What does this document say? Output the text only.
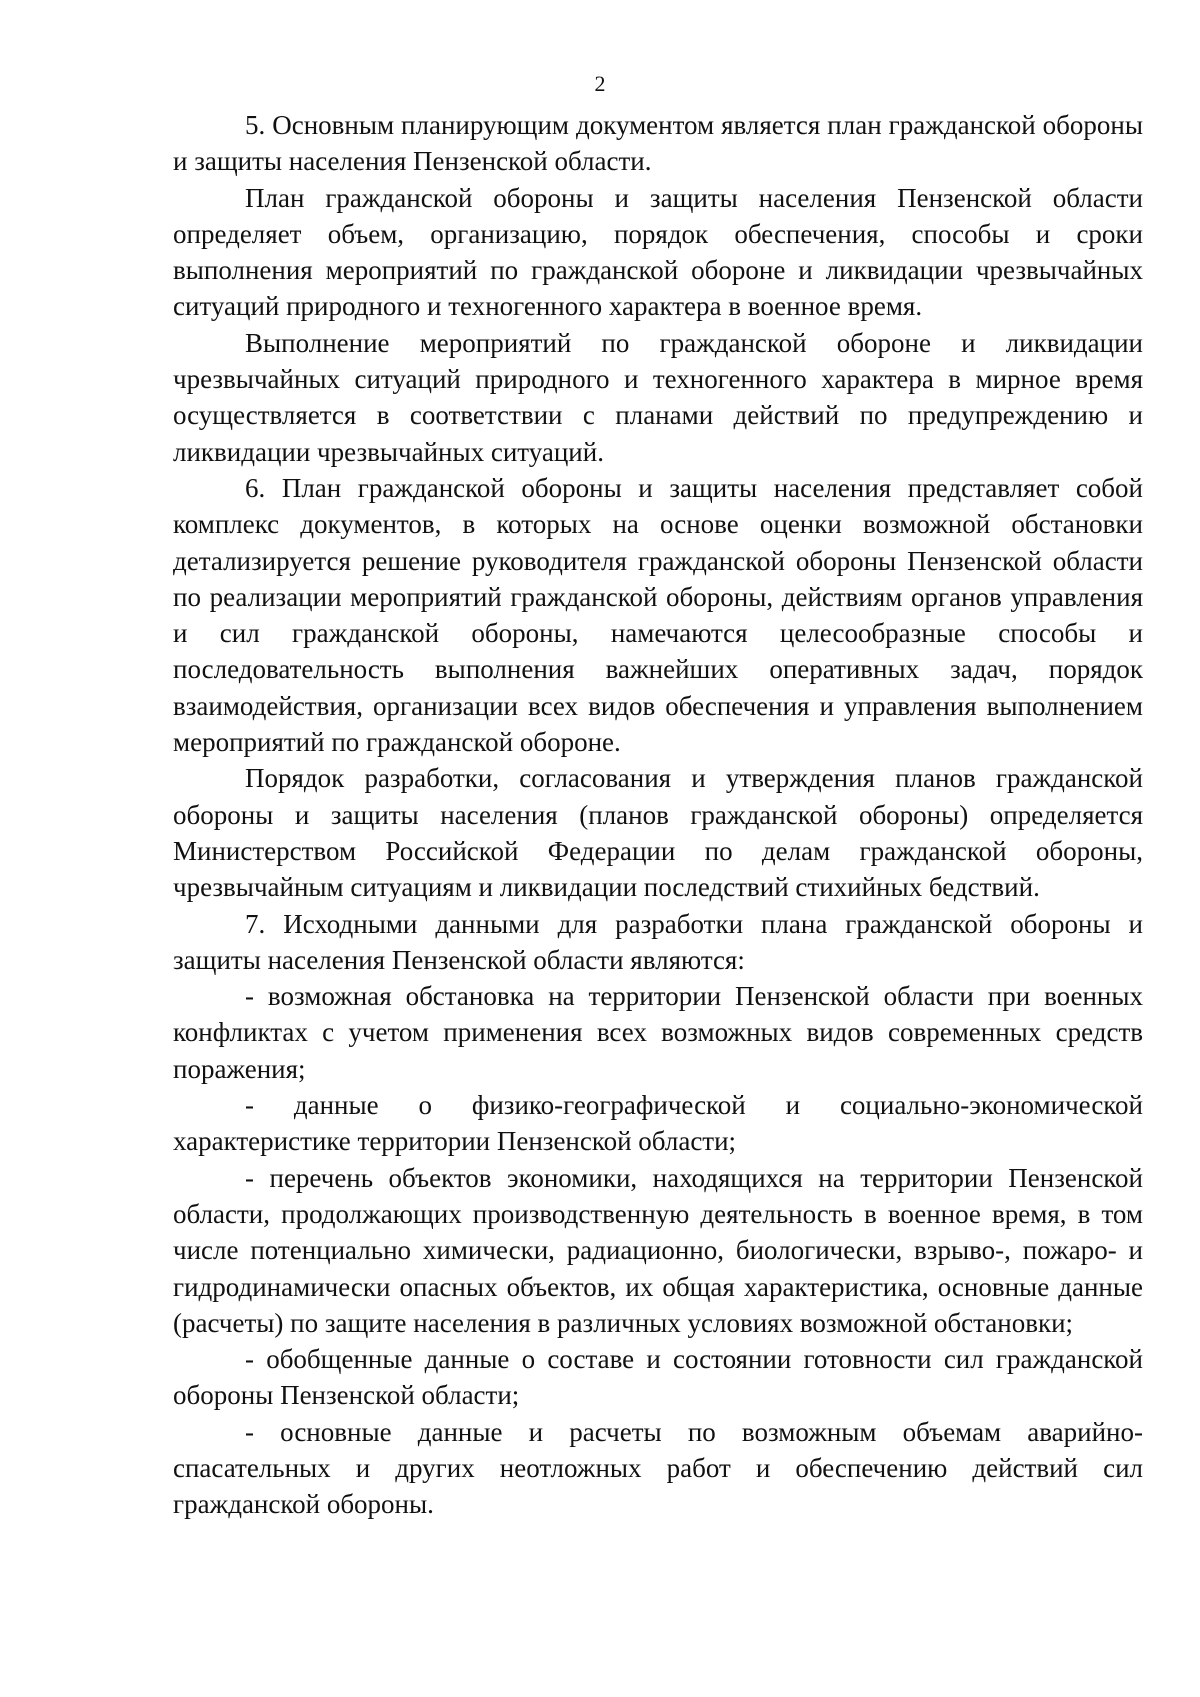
2

5. Основным планирующим документом является план гражданской обороны и защиты населения Пензенской области.

План гражданской обороны и защиты населения Пензенской области определяет объем, организацию, порядок обеспечения, способы и сроки выполнения мероприятий по гражданской обороне и ликвидации чрезвычайных ситуаций природного и техногенного характера в военное время.

Выполнение мероприятий по гражданской обороне и ликвидации чрезвычайных ситуаций природного и техногенного характера в мирное время осуществляется в соответствии с планами действий по предупреждению и ликвидации чрезвычайных ситуаций.

6. План гражданской обороны и защиты населения представляет собой комплекс документов, в которых на основе оценки возможной обстановки детализируется решение руководителя гражданской обороны Пензенской области по реализации мероприятий гражданской обороны, действиям органов управления и сил гражданской обороны, намечаются целесообразные способы и последовательность выполнения важнейших оперативных задач, порядок взаимодействия, организации всех видов обеспечения и управления выполнением мероприятий по гражданской обороне.

Порядок разработки, согласования и утверждения планов гражданской обороны и защиты населения (планов гражданской обороны) определяется Министерством Российской Федерации по делам гражданской обороны, чрезвычайным ситуациям и ликвидации последствий стихийных бедствий.

7. Исходными данными для разработки плана гражданской обороны и защиты населения Пензенской области являются:

- возможная обстановка на территории Пензенской области при военных конфликтах с учетом применения всех возможных видов современных средств поражения;

- данные о физико-географической и социально-экономической характеристике территории Пензенской области;

- перечень объектов экономики, находящихся на территории Пензенской области, продолжающих производственную деятельность в военное время, в том числе потенциально химически, радиационно, биологически, взрыво-, пожаро- и гидродинамически опасных объектов, их общая характеристика, основные данные (расчеты) по защите населения в различных условиях возможной обстановки;

- обобщенные данные о составе и состоянии готовности сил гражданской обороны Пензенской области;

- основные данные и расчеты по возможным объемам аварийно-спасательных и других неотложных работ и обеспечению действий сил гражданской обороны.
